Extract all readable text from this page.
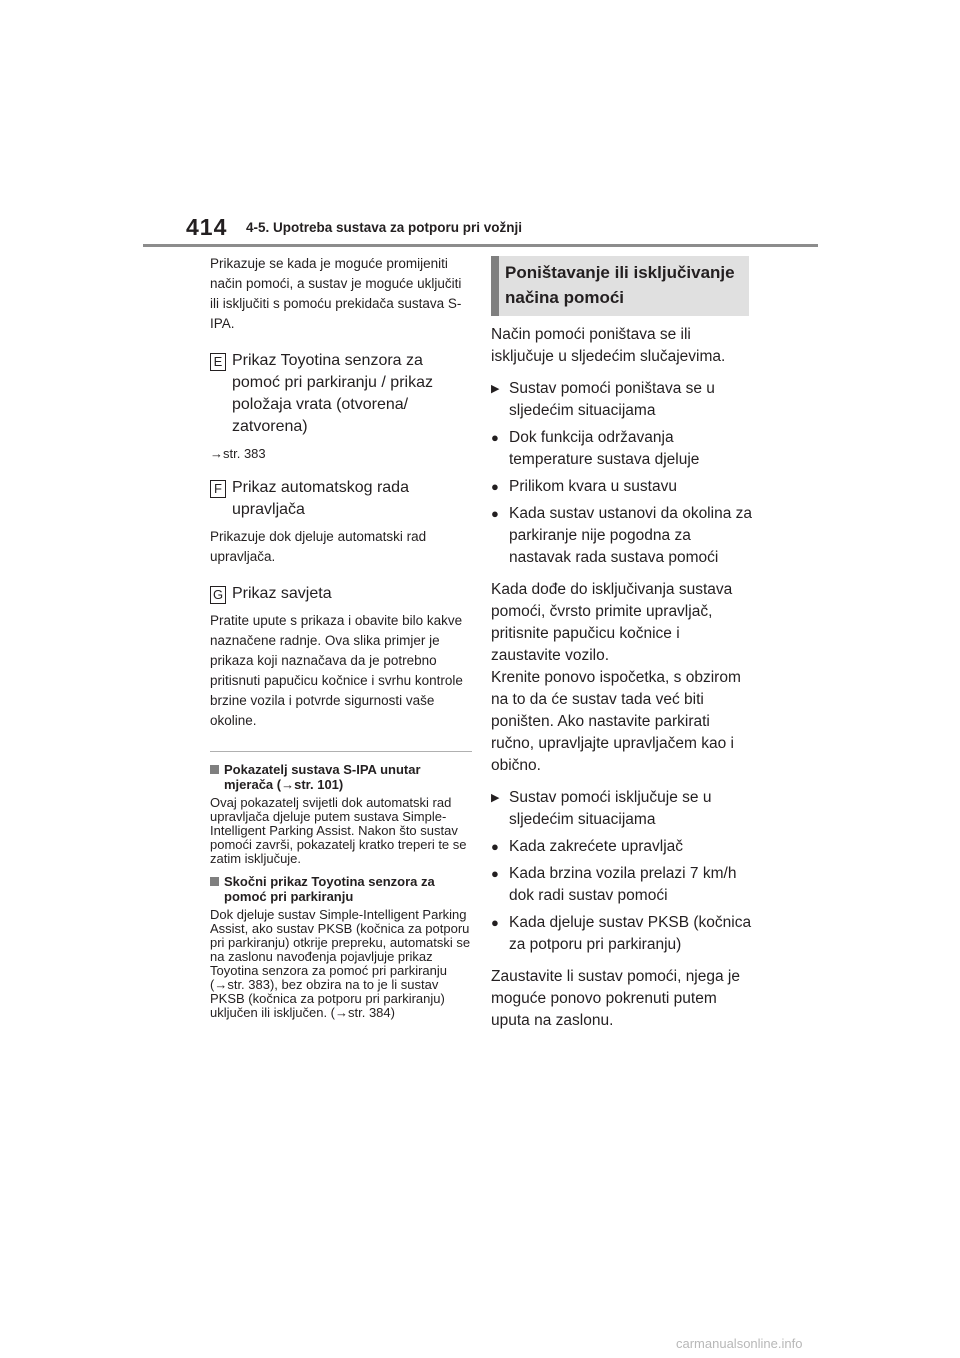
414 4-5. Upotreba sustava za potporu pri vožnji

Prikazuje se kada je moguće promijeniti način pomoći, a sustav je moguće uključiti ili isključiti s pomoću prekidača sustava S-IPA.

E Prikaz Toyotina senzora za pomoć pri parkiranju / prikaz položaja vrata (otvorena/ zatvorena)
→str. 383
F Prikaz automatskog rada upravljača

Prikazuje dok djeluje automatski rad upravljača.

G Prikaz savjeta

Pratite upute s prikaza i obavite bilo kakve naznačene radnje. Ova slika primjer je prikaza koji naznačava da je potrebno pritisnuti papučicu kočnice i svrhu kontrole brzine vozila i potvrde sigurnosti vaše okoline.

Pokazatelj sustava S-IPA unutar mjerača (→str. 101)

Ovaj pokazatelj svijetli dok automatski rad upravljača djeluje putem sustava Simple-Intelligent Parking Assist. Nakon što sustav pomoći završi, pokazatelj kratko treperi te se zatim isključuje.

Skočni prikaz Toyotina senzora za pomoć pri parkiranju

Dok djeluje sustav Simple-Intelligent Parking Assist, ako sustav PKSB (kočnica za potporu pri parkiranju) otkrije prepreku, automatski se na zaslonu navođenja pojavljuje prikaz Toyotina senzora za pomoć pri parkiranju (→str. 383), bez obzira na to je li sustav PKSB (kočnica za potporu pri parkiranju) uključen ili isključen. (→str. 384)

Poništavanje ili isključivanje načina pomoći

Način pomoći poništava se ili isključuje u sljedećim slučajevima.

▶ Sustav pomoći poništava se u sljedećim situacijama
● Dok funkcija održavanja temperature sustava djeluje
● Prilikom kvara u sustavu
● Kada sustav ustanovi da okolina za parkiranje nije pogodna za nastavak rada sustava pomoći

Kada dođe do isključivanja sustava pomoći, čvrsto primite upravljač, pritisnite papučicu kočnice i zaustavite vozilo.

Krenite ponovo ispočetka, s obzirom na to da će sustav tada već biti poništen. Ako nastavite parkirati ručno, upravljajte upravljačem kao i obično.

▶ Sustav pomoći isključuje se u sljedećim situacijama
● Kada zakrećete upravljač
● Kada brzina vozila prelazi 7 km/h dok radi sustav pomoći
● Kada djeluje sustav PKSB (kočnica za potporu pri parkiranju)

Zaustavite li sustav pomoći, njega je moguće ponovo pokrenuti putem uputa na zaslonu.

carmanualsonline.info
